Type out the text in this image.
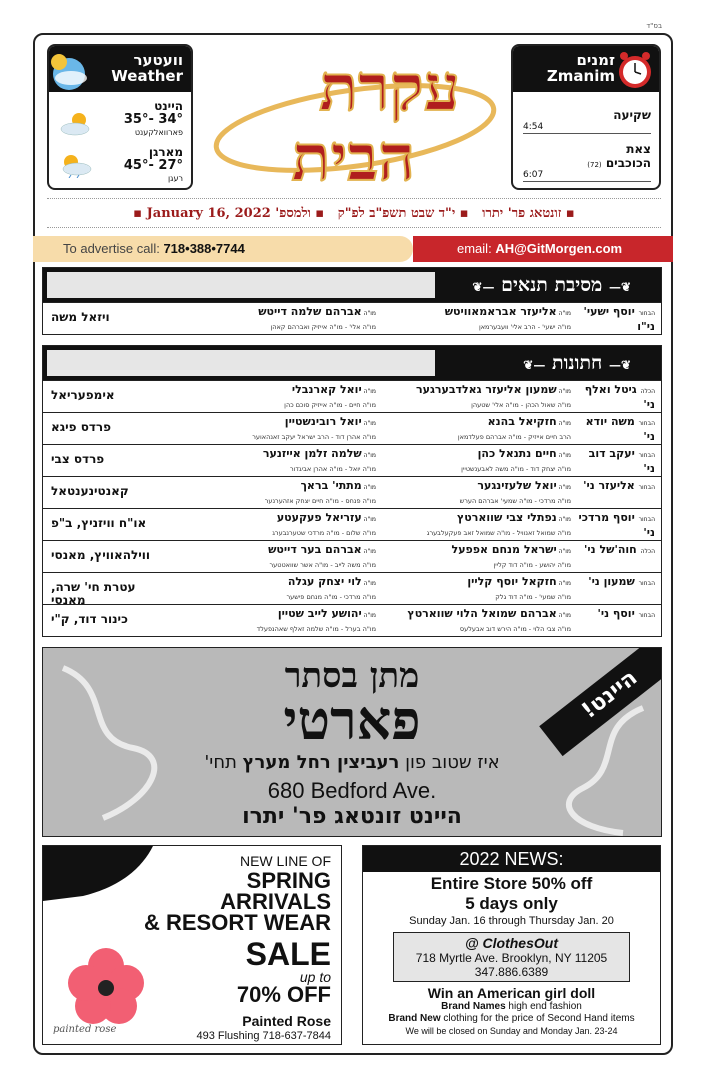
בס"ד
וועטער
Weather
היינט
35°- 34°
פארוואלקענט
מארגן
45°- 27°
רעגן
עקרת
הבית
זמנים
Zmanim
שקיעה
4:54
צאת הכוכבים (72)
6:07
▪ זונטאג פר' יתרו   ▪ י"ד שבט תשפ"ב לפ"ק   ▪ ולמספ' January 16, 2022 ▪
To advertise call: 718•388•7744	email: AH@GitMorgen.com
❦— מסיבת תנאים —❦
הבחור יוסף ישעי' ני"ו
מו"ה אליעזר אבראמאוויטש
מו"ה ישעי' - הרב אלי' וועבערמאן
מו"ה אברהם שלמה דייטש
מו"ה אלי' - מו"ה אייזיק ואברהם קאהן
ויזאל משה
❦— חתונות —❦
הכלה גיטל ואלף ני'
מו"ה שמעון אליעזר גאלדבערגער
מו"ה שאול הכהן - מו"ה אלי' שטעהן
מו"ה יואל קארנבלי
מו"ה חיים - מו"ה אייזיק סוכם כהן
אימפעריאל
הבחור משה יודא ני'
מו"ה חזקיאל בהנא
הרב חיים אייזיק - מו"ה אברהם פעלדמאן
מו"ה יואל רובינשטיין
מו"ה אהרן דוד - הרב ישראל יעקב זאנהאוער
פרדס פיגא
הבחור יעקב דוב ני'
מו"ה חיים נתנאל כהן
מו"ה יצחק דוד - מו"ה משה לאבענשטיין
מו"ה שלמה זלמן אייזנער
מו"ה יואל - מו"ה אהרן אביגדור
פרדס צבי
הבחור אליעזר ני'
מו"ה יואל שלעזינגער
מו"ה מרדכי - מו"ה שמעי' אברהם הערש
מו"ה מתתי' בראך
מו"ה פנחס - מו"ה חיים יצחק אזהערנער
קאנטינענטאל
הבחור יוסף מרדכי ני'
מו"ה נפתלי צבי שווארטץ
מו"ה שמואל זאנוויל - מו"ה שמואל זאב פעקעלבערג
מו"ה עזריאל פעקעטע
מו"ה שלום - מו"ה מרדכי שטערנבערג
או"ח וויזניץ, ב"פ
הכלה חוה'של ני'
מו"ה ישראל מנחם אפפעל
מו"ה יהושע - מו"ה דוד קליין
מו"ה אברהם בער דייטש
מו"ה משה לייב - מו"ה אשר שוואטטער
ווילהאוויץ, מאנסי
הבחור שמעון ני'
מו"ה חזקאל יוסף קליין
מו"ה שמעי' - מו"ה דוד גלק
מו"ה לוי יצחק עגלה
מו"ה מרדכי - מו"ה מנחם פישער
עטרת חי' שרה, מאנסי
הבחור יוסף ני'
מו"ה אברהם שמואל הלוי שווארטץ
מו"ה צבי הלוי - מו"ה הירש דוב אבעלעס
מו"ה יהושע לייב שטיין
מו"ה בערל - מו"ה שלמה זאלף שאהנפעלד
כינור דוד, ק"י
היינט!
מתן בסתר
פארטי
איז שטוב פון רעביצין רחל מערץ תחי'
680 Bedford Ave.
היינט זונטאג פר' יתרו
painted rose
NEW LINE OF
SPRING
ARRIVALS
& RESORT WEAR
SALE
up to
70% OFF
Painted Rose
493 Flushing 718-637-7844
2022 NEWS:
Entire Store 50% off
5 days only
Sunday Jan. 16 through Thursday Jan. 20
@ ClothesOut
718 Myrtle Ave. Brooklyn, NY 11205
347.886.6389
Win an American girl doll
Brand Names high end fashion
Brand New clothing for the price of Second Hand items
We will be closed on Sunday and Monday Jan. 23-24
